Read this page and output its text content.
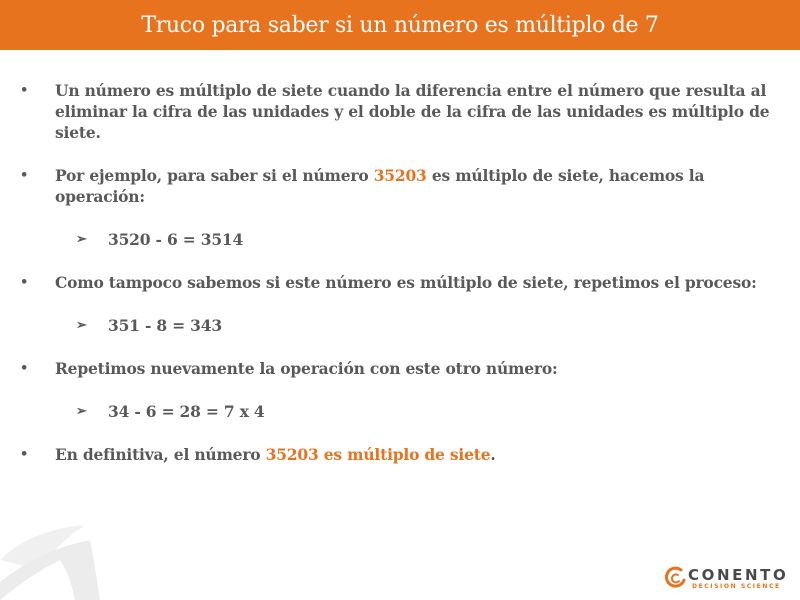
Truco para saber si un número es múltiplo de 7

• Un número es múltiplo de siete cuando la diferencia entre el número que resulta al eliminar la cifra de las unidades y el doble de la cifra de las unidades es múltiplo de siete.

• Por ejemplo, para saber si el número 35203 es múltiplo de siete, hacemos la operación:

➢ 3520 - 6 = 3514

• Como tampoco sabemos si este número es múltiplo de siete, repetimos el proceso:

➢ 351 - 8 = 343

• Repetimos nuevamente la operación con este otro número:

➢ 34 - 6 = 28 = 7 x 4

• En definitiva, el número 35203 es múltiplo de siete.

CONENTO
DECISION SCIENCE
